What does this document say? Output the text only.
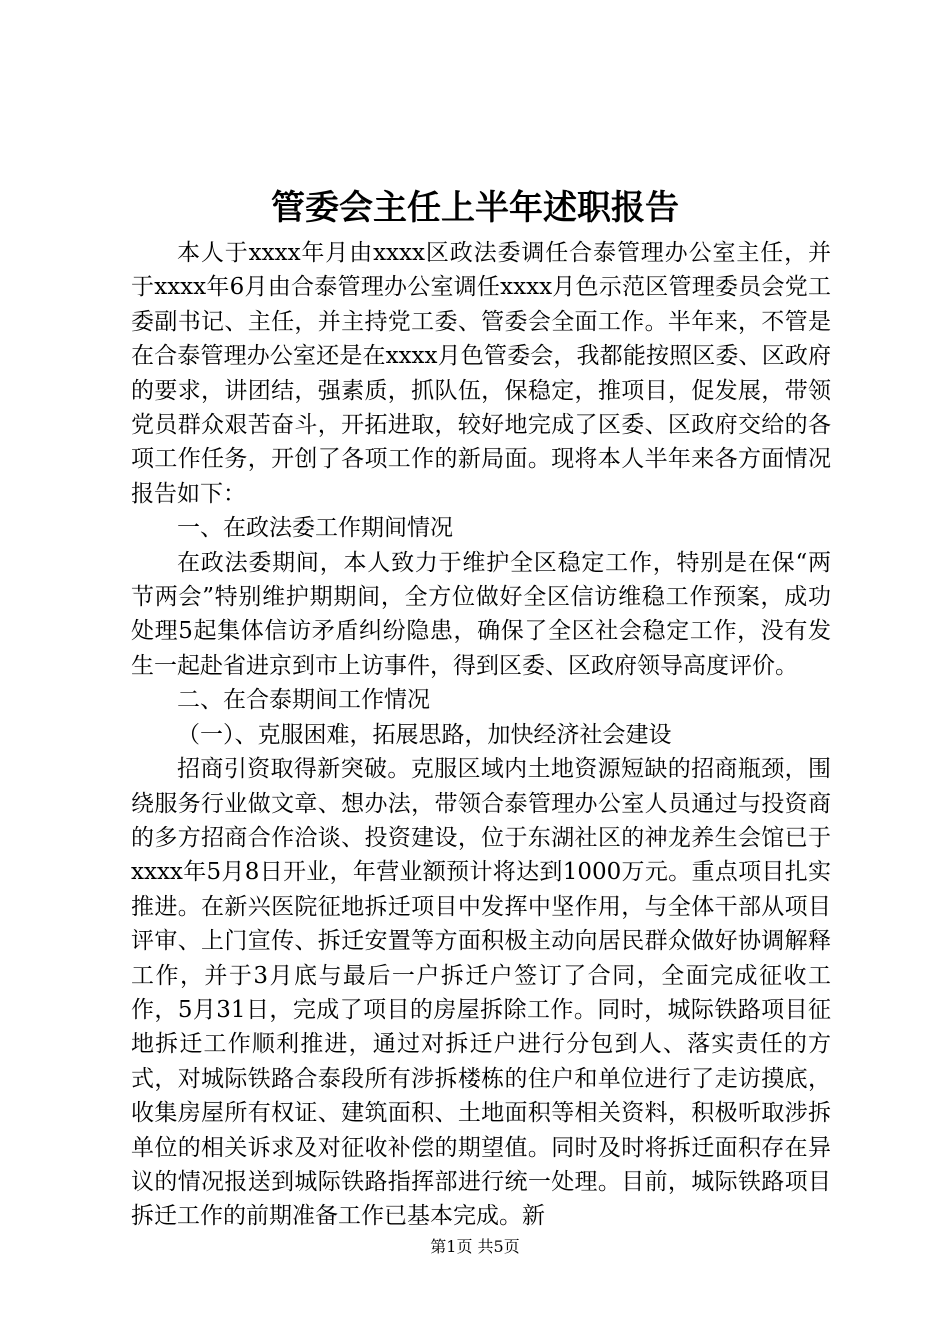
管委会主任上半年述职报告

本人于xxxx年月由xxxx区政法委调任合泰管理办公室主任，并于xxxx年6月由合泰管理办公室调任xxxx月色示范区管理委员会党工委副书记、主任，并主持党工委、管委会全面工作。半年来，不管是在合泰管理办公室还是在xxxx月色管委会，我都能按照区委、区政府的要求，讲团结，强素质，抓队伍，保稳定，推项目，促发展，带领党员群众艰苦奋斗，开拓进取，较好地完成了区委、区政府交给的各项工作任务，开创了各项工作的新局面。现将本人半年来各方面情况报告如下：

一、在政法委工作期间情况

在政法委期间，本人致力于维护全区稳定工作，特别是在保“两节两会”特别维护期期间，全方位做好全区信访维稳工作预案，成功处理5起集体信访矛盾纠纷隐患，确保了全区社会稳定工作，没有发生一起赴省进京到市上访事件，得到区委、区政府领导高度评价。

二、在合泰期间工作情况

（一）、克服困难，拓展思路，加快经济社会建设

招商引资取得新突破。克服区域内土地资源短缺的招商瓶颈，围绕服务行业做文章、想办法，带领合泰管理办公室人员通过与投资商的多方招商合作洽谈、投资建设，位于东湖社区的神龙养生会馆已于xxxx年5月8日开业，年营业额预计将达到1000万元。重点项目扎实推进。在新兴医院征地拆迁项目中发挥中坚作用，与全体干部从项目评审、上门宣传、拆迁安置等方面积极主动向居民群众做好协调解释工作，并于3月底与最后一户拆迁户签订了合同，全面完成征收工作，5月31日，完成了项目的房屋拆除工作。同时，城际铁路项目征地拆迁工作顺利推进，通过对拆迁户进行分包到人、落实责任的方式，对城际铁路合泰段所有涉拆楼栋的住户和单位进行了走访摸底，收集房屋所有权证、建筑面积、土地面积等相关资料，积极听取涉拆单位的相关诉求及对征收补偿的期望值。同时及时将拆迁面积存在异议的情况报送到城际铁路指挥部进行统一处理。目前，城际铁路项目拆迁工作的前期准备工作已基本完成。新

第1页 共5页
